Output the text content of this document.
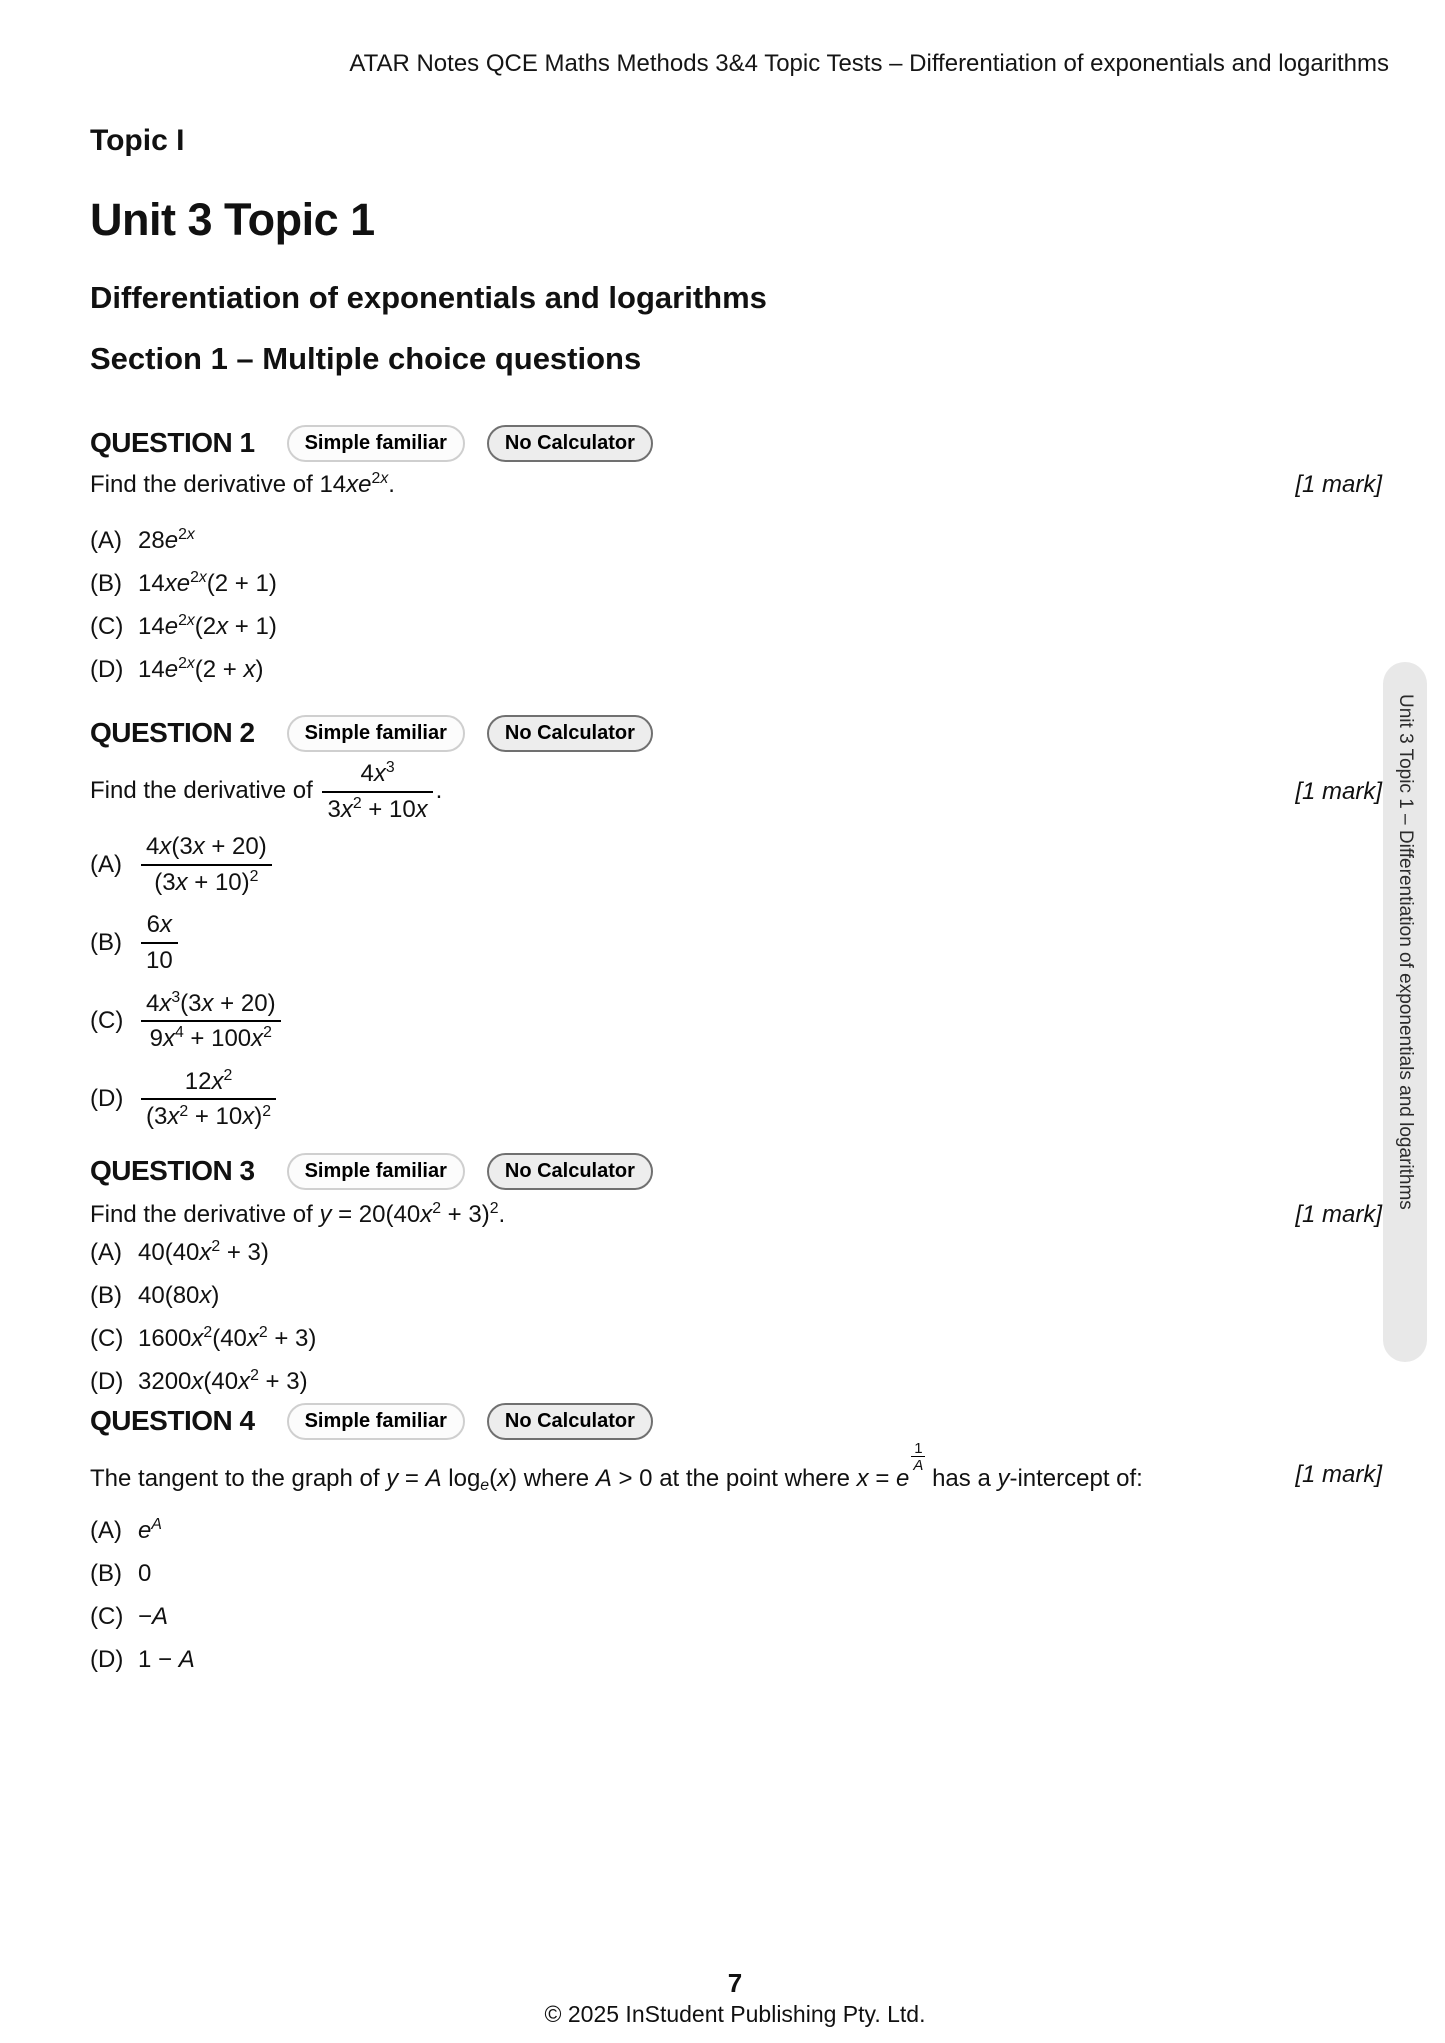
ATAR Notes QCE Maths Methods 3&4 Topic Tests – Differentiation of exponentials and logarithms
Topic I
Unit 3 Topic 1
Differentiation of exponentials and logarithms
Section 1 – Multiple choice questions
QUESTION 1	Simple familiar	No Calculator
Find the derivative of $14xe^{2x}$.	[1 mark]
(A) $28e^{2x}$
(B) $14xe^{2x}(2 + 1)$
(C) $14e^{2x}(2x + 1)$
(D) $14e^{2x}(2 + x)$
QUESTION 2	Simple familiar	No Calculator
Find the derivative of $\frac{4x^3}{3x^2 + 10x}$ .	[1 mark]
$(A) \frac{4x(3x + 20)}{(3x + 10)^2}$
$(B) \frac{6x}{10}$
$(C) \frac{4x^3(3x + 20)}{9x^4 + 100x^2}$
$(D) \frac{12x^2}{(3x^2 + 10x)^2}$
QUESTION 3	Simple familiar	No Calculator
Find the derivative of $y = 20(40x^2 + 3)^2$.	[1 mark]
(A) $40(40x^2 + 3)$
(B) 40(80x)
(C) $1600x^2(40x^2 + 3)$
(D) $3200x(40x^2 + 3)$
QUESTION 4	Simple familiar	No Calculator
The tangent to the graph of y = A $\log_e(x)$ where A > 0 at the point where x = e
$\frac{1}{A}$
has a y-intercept of:	[1 mark]
(A) $e^A$
(B) 0
(C) −A
(D) 1 − A
Unit 3 Topic 1 – Differentiation of exponentials and logarithms
7
© 2025 InStudent Publishing Pty. Ltd.
